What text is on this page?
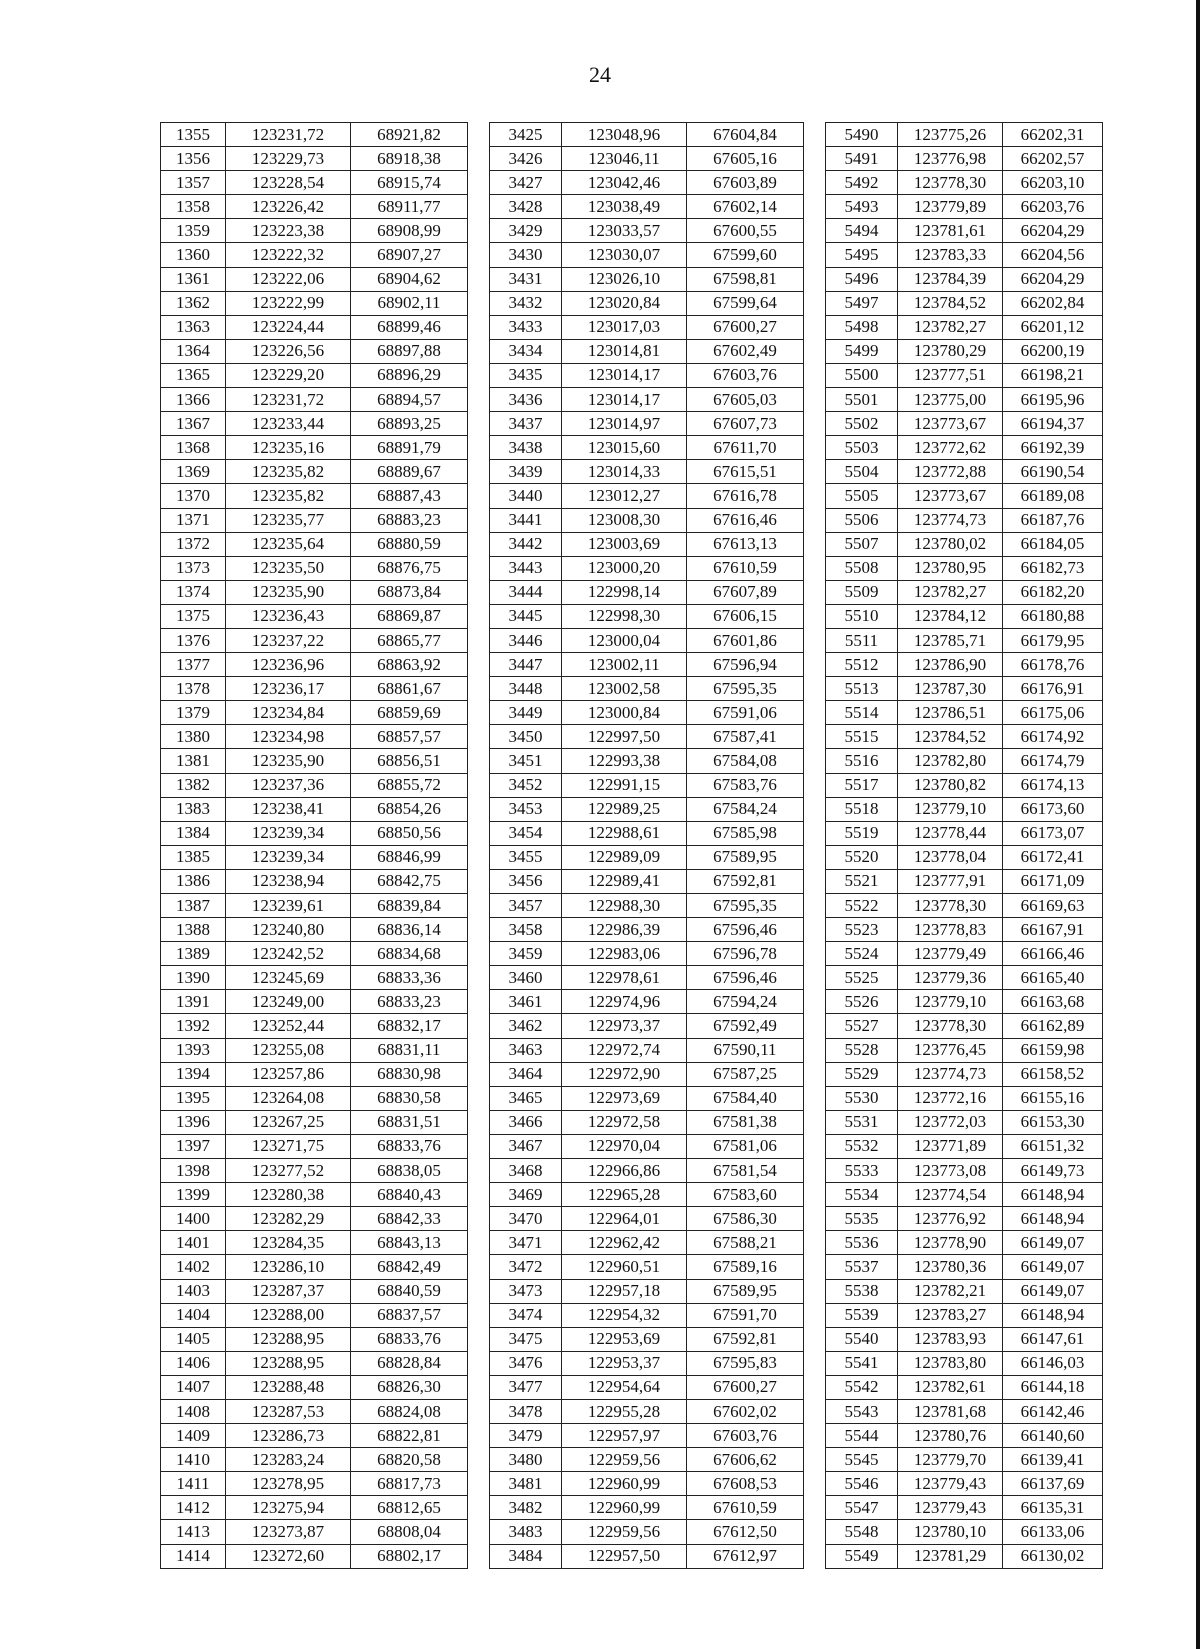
24
1355	123231,72	68921,82		3425	123048,96	67604,84		5490	123775,26	66202,31
1356	123229,73	68918,38		3426	123046,11	67605,16		5491	123776,98	66202,57
1357	123228,54	68915,74		3427	123042,46	67603,89		5492	123778,30	66203,10
1358	123226,42	68911,77		3428	123038,49	67602,14		5493	123779,89	66203,76
1359	123223,38	68908,99		3429	123033,57	67600,55		5494	123781,61	66204,29
1360	123222,32	68907,27		3430	123030,07	67599,60		5495	123783,33	66204,56
1361	123222,06	68904,62		3431	123026,10	67598,81		5496	123784,39	66204,29
1362	123222,99	68902,11		3432	123020,84	67599,64		5497	123784,52	66202,84
1363	123224,44	68899,46		3433	123017,03	67600,27		5498	123782,27	66201,12
1364	123226,56	68897,88		3434	123014,81	67602,49		5499	123780,29	66200,19
1365	123229,20	68896,29		3435	123014,17	67603,76		5500	123777,51	66198,21
1366	123231,72	68894,57		3436	123014,17	67605,03		5501	123775,00	66195,96
1367	123233,44	68893,25		3437	123014,97	67607,73		5502	123773,67	66194,37
1368	123235,16	68891,79		3438	123015,60	67611,70		5503	123772,62	66192,39
1369	123235,82	68889,67		3439	123014,33	67615,51		5504	123772,88	66190,54
1370	123235,82	68887,43		3440	123012,27	67616,78		5505	123773,67	66189,08
1371	123235,77	68883,23		3441	123008,30	67616,46		5506	123774,73	66187,76
1372	123235,64	68880,59		3442	123003,69	67613,13		5507	123780,02	66184,05
1373	123235,50	68876,75		3443	123000,20	67610,59		5508	123780,95	66182,73
1374	123235,90	68873,84		3444	122998,14	67607,89		5509	123782,27	66182,20
1375	123236,43	68869,87		3445	122998,30	67606,15		5510	123784,12	66180,88
1376	123237,22	68865,77		3446	123000,04	67601,86		5511	123785,71	66179,95
1377	123236,96	68863,92		3447	123002,11	67596,94		5512	123786,90	66178,76
1378	123236,17	68861,67		3448	123002,58	67595,35		5513	123787,30	66176,91
1379	123234,84	68859,69		3449	123000,84	67591,06		5514	123786,51	66175,06
1380	123234,98	68857,57		3450	122997,50	67587,41		5515	123784,52	66174,92
1381	123235,90	68856,51		3451	122993,38	67584,08		5516	123782,80	66174,79
1382	123237,36	68855,72		3452	122991,15	67583,76		5517	123780,82	66174,13
1383	123238,41	68854,26		3453	122989,25	67584,24		5518	123779,10	66173,60
1384	123239,34	68850,56		3454	122988,61	67585,98		5519	123778,44	66173,07
1385	123239,34	68846,99		3455	122989,09	67589,95		5520	123778,04	66172,41
1386	123238,94	68842,75		3456	122989,41	67592,81		5521	123777,91	66171,09
1387	123239,61	68839,84		3457	122988,30	67595,35		5522	123778,30	66169,63
1388	123240,80	68836,14		3458	122986,39	67596,46		5523	123778,83	66167,91
1389	123242,52	68834,68		3459	122983,06	67596,78		5524	123779,49	66166,46
1390	123245,69	68833,36		3460	122978,61	67596,46		5525	123779,36	66165,40
1391	123249,00	68833,23		3461	122974,96	67594,24		5526	123779,10	66163,68
1392	123252,44	68832,17		3462	122973,37	67592,49		5527	123778,30	66162,89
1393	123255,08	68831,11		3463	122972,74	67590,11		5528	123776,45	66159,98
1394	123257,86	68830,98		3464	122972,90	67587,25		5529	123774,73	66158,52
1395	123264,08	68830,58		3465	122973,69	67584,40		5530	123772,16	66155,16
1396	123267,25	68831,51		3466	122972,58	67581,38		5531	123772,03	66153,30
1397	123271,75	68833,76		3467	122970,04	67581,06		5532	123771,89	66151,32
1398	123277,52	68838,05		3468	122966,86	67581,54		5533	123773,08	66149,73
1399	123280,38	68840,43		3469	122965,28	67583,60		5534	123774,54	66148,94
1400	123282,29	68842,33		3470	122964,01	67586,30		5535	123776,92	66148,94
1401	123284,35	68843,13		3471	122962,42	67588,21		5536	123778,90	66149,07
1402	123286,10	68842,49		3472	122960,51	67589,16		5537	123780,36	66149,07
1403	123287,37	68840,59		3473	122957,18	67589,95		5538	123782,21	66149,07
1404	123288,00	68837,57		3474	122954,32	67591,70		5539	123783,27	66148,94
1405	123288,95	68833,76		3475	122953,69	67592,81		5540	123783,93	66147,61
1406	123288,95	68828,84		3476	122953,37	67595,83		5541	123783,80	66146,03
1407	123288,48	68826,30		3477	122954,64	67600,27		5542	123782,61	66144,18
1408	123287,53	68824,08		3478	122955,28	67602,02		5543	123781,68	66142,46
1409	123286,73	68822,81		3479	122957,97	67603,76		5544	123780,76	66140,60
1410	123283,24	68820,58		3480	122959,56	67606,62		5545	123779,70	66139,41
1411	123278,95	68817,73		3481	122960,99	67608,53		5546	123779,43	66137,69
1412	123275,94	68812,65		3482	122960,99	67610,59		5547	123779,43	66135,31
1413	123273,87	68808,04		3483	122959,56	67612,50		5548	123780,10	66133,06
1414	123272,60	68802,17		3484	122957,50	67612,97		5549	123781,29	66130,02
